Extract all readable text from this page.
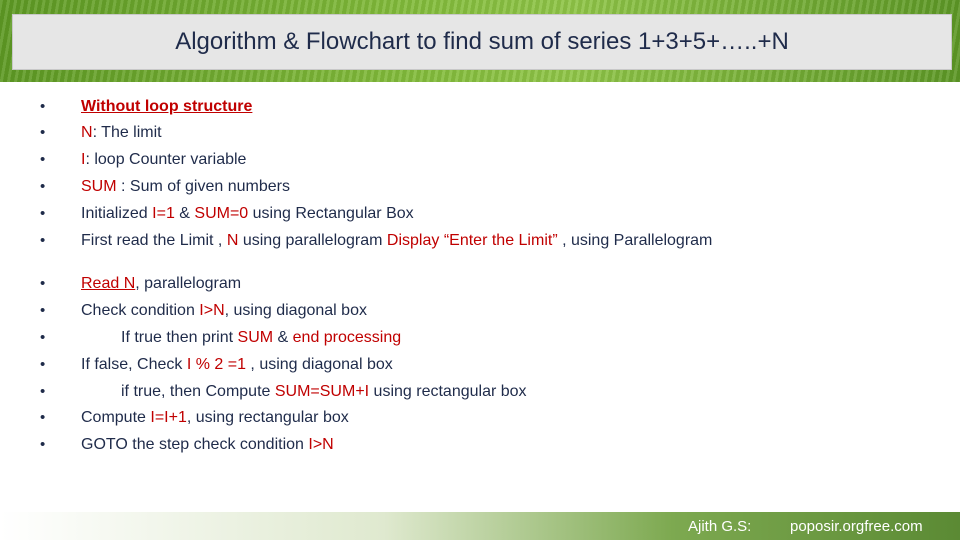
Algorithm & Flowchart to find sum of series 1+3+5+…..+N
•	Without loop structure
•	N: The limit
•	I: loop Counter variable
•	SUM : Sum of given numbers
•	Initialized I=1 & SUM=0 using Rectangular Box
•	First read the Limit , N using parallelogram Display “Enter the Limit” , using Parallelogram
•	Read N, parallelogram
•	Check condition I>N, using diagonal box
•	If true then print SUM & end processing
•	If false, Check I % 2 =1 , using diagonal box
•	if true, then Compute SUM=SUM+I using rectangular box
•	Compute I=I+1, using rectangular box
•	GOTO the step check condition I>N
Ajith G.S:	poposir.orgfree.com
